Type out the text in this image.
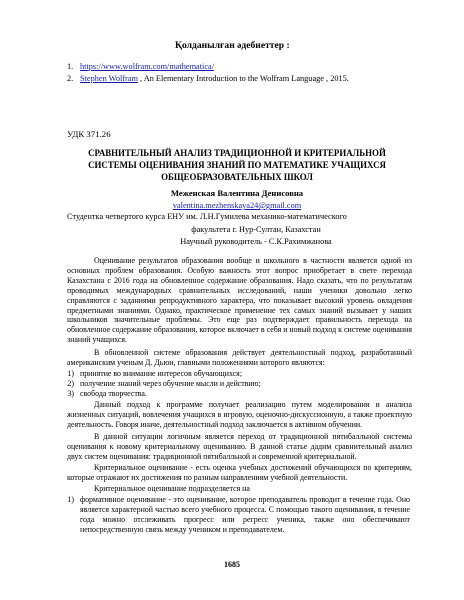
Қолданылған әдебиеттер :
1. https://www.wolfram.com/mathematica/
2. Stephen Wolfram , An Elementary Introduction to the Wolfram Language , 2015.
УДК 371.26
СРАВНИТЕЛЬНЫЙ АНАЛИЗ ТРАДИЦИОННОЙ И КРИТЕРИАЛЬНОЙ
СИСТЕМЫ ОЦЕНИВАНИЯ ЗНАНИЙ ПО МАТЕМАТИКЕ УЧАЩИХСЯ
ОБЩЕОБРАЗОВАТЕЛЬНЫХ ШКОЛ
Меженская Валентина Денисовна
valentina.mezhenskaya24@gmail.com
Студентка четвертого курса ЕНУ им. Л.Н.Гумилева механико-математического
факультета г. Нур-Султан, Казахстан
Научный руководитель - С.К.Рахимжанова

Оценивание результатов образования вообще и школьного в частности является одной из основных проблем образования. Особую важность этот вопрос приобретает в свете перехода Казахстана с 2016 года на обновленное содержание образования. Надо сказать, что по результатам проводимых международных сравнительных исследований, наши ученики довольно легко справляются с заданиями репродуктивного характера, что показывает высокий уровень овладения предметными знаниями. Однако, практическое применение тех самых знаний вызывает у наших школьников значительные проблемы. Это еще раз подтверждает правильность перехода на обновленное содержание образования, которое включает в себя и новый подход к системе оценивания знаний учащихся.

В обновленной системе образования действует деятельностный подход, разработанный американским ученым Д. Дьюи, главными положениями которого являются:

1) принятие во внимание интересов обучающихся;
2) получение знаний через обучение мысли и действию;
3) свобода творчества.

Данный подход к программе получает реализацию путем моделирования и анализа жизненных ситуаций, вовлечения учащихся в игровую, оценочно-дискуссионную, а также проектную деятельность. Говоря иначе, деятельностный подход заключается в активном обучении.

В данной ситуации логичным является переход от традиционной пятибалльной системы оценивания к новому критериальному оцениванию. В данной статье дадим сравнительный анализ двух систем оценивания: традиционной пятибалльной и современной критериальной.

Критериальное оценивание - есть оценка учебных достижений обучающихся по критериям, которые отражают их достижения по разным направлениям учебной деятельности.

Критериальное оценивание подразделяется на

1) формативное оценивание - это оценивание, которое преподаватель проводит в течение года. Оно является характерной частью всего учебного процесса. С помощью такого оценивания, в течение года можно отслеживать прогресс или регресс ученика, также оно обеспечивают непосредственную связь между учеником и преподавателем.
1685
